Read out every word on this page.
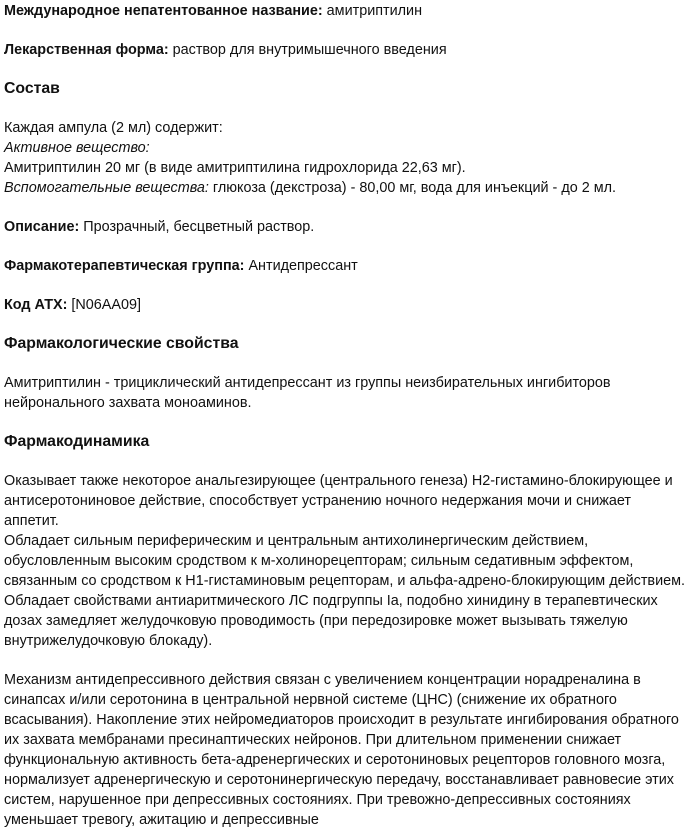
Международное непатентованное название: амитриптилин

Лекарственная форма: раствор для внутримышечного введения

Состав

Каждая ампула (2 мл) содержит:

Активное вещество:

Амитриптилин 20 мг (в виде амитриптилина гидрохлорида 22,63 мг).

Вспомогательные вещества: глюкоза (декстроза) - 80,00 мг, вода для инъекций - до 2 мл.

Описание: Прозрачный, бесцветный раствор.

Фармакотерапевтическая группа: Антидепрессант

Код АТХ: [N06AA09]

Фармакологические свойства

Амитриптилин - трициклический антидепрессант из группы неизбирательных ингибиторов нейронального захвата моноаминов.

Фармакодинамика

Оказывает также некоторое анальгезирующее (центрального генеза) H2-гистамино-блокирующее и антисеротониновое действие, способствует устранению ночного недержания мочи и снижает аппетит.

Обладает сильным периферическим и центральным антихолинергическим действием, обусловленным высоким сродством к м-холинорецепторам; сильным седативным эффектом, связанным со сродством к H1-гистаминовым рецепторам, и альфа-адрено-блокирующим действием. Обладает свойствами антиаритмического ЛС подгруппы Ia, подобно хинидину в терапевтических дозах замедляет желудочковую проводимость (при передозировке может вызывать тяжелую внутрижелудочковую блокаду).

Механизм антидепрессивного действия связан с увеличением концентрации норадреналина в синапсах и/или серотонина в центральной нервной системе (ЦНС) (снижение их обратного всасывания). Накопление этих нейромедиаторов происходит в результате ингибирования обратного их захвата мембранами пресинаптических нейронов. При длительном применении снижает функциональную активность бета-адренергических и серотониновых рецепторов головного мозга, нормализует адренергическую и серотонинергическую передачу, восстанавливает равновесие этих систем, нарушенное при депрессивных состояниях. При тревожно-депрессивных состояниях уменьшает тревогу, ажитацию и депрессивные
